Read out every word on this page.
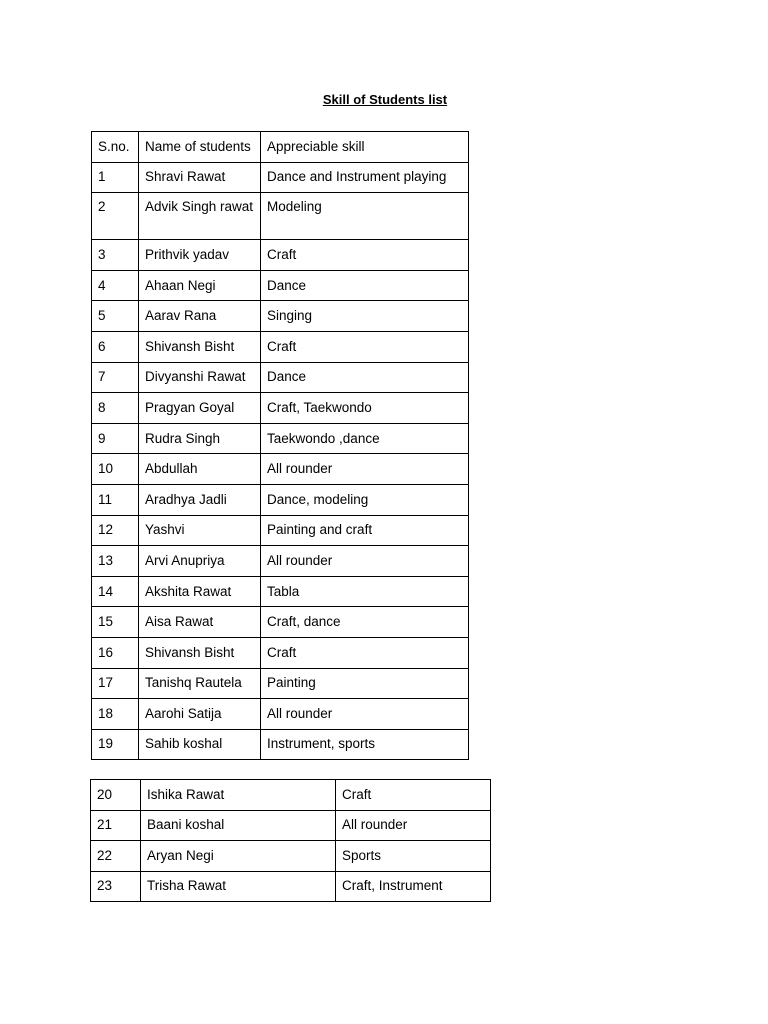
Skill of Students list
S.no.	Name of students	Appreciable skill
1	Shravi Rawat	Dance and Instrument playing
2	Advik Singh rawat	Modeling
3	Prithvik yadav	Craft
4	Ahaan Negi	Dance
5	Aarav Rana	Singing
6	Shivansh Bisht	Craft
7	Divyanshi Rawat	Dance
8	Pragyan Goyal	Craft, Taekwondo
9	Rudra Singh	Taekwondo ,dance
10	Abdullah	All rounder
11	Aradhya Jadli	Dance, modeling
12	Yashvi	Painting and craft
13	Arvi Anupriya	All rounder
14	Akshita Rawat	Tabla
15	Aisa Rawat	Craft, dance
16	Shivansh Bisht	Craft
17	Tanishq Rautela	Painting
18	Aarohi Satija	All rounder
19	Sahib koshal	Instrument, sports
20	Ishika Rawat	Craft
21	Baani koshal	All rounder
22	Aryan Negi	Sports
23	Trisha Rawat	Craft, Instrument
